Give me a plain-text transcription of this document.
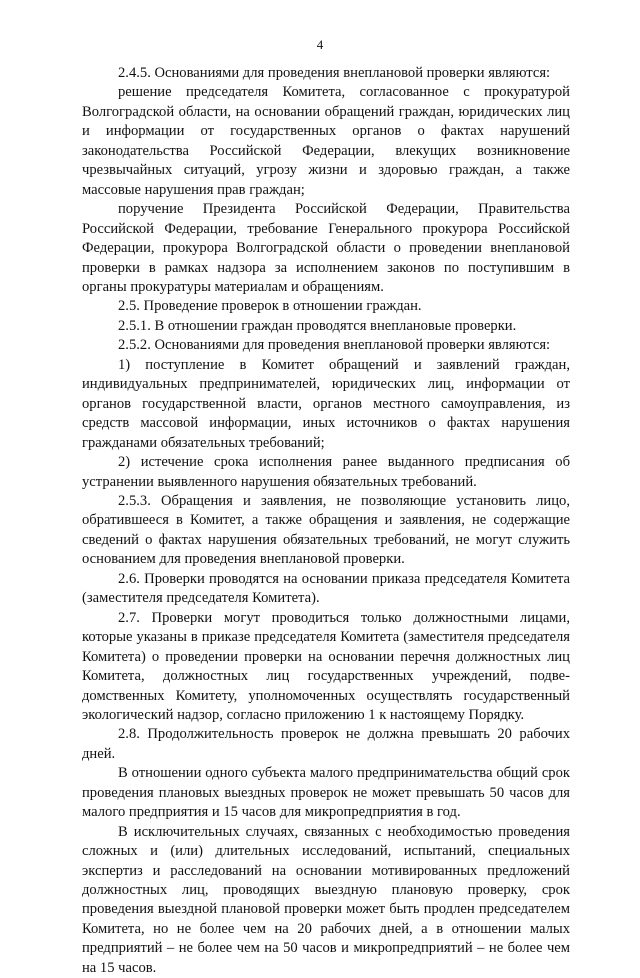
4

2.4.5. Основаниями для проведения внеплановой проверки являются:

решение председателя Комитета, согласованное с прокуратурой Волгоградской области, на основании обращений граждан, юридических лиц и информации от государственных органов о фактах нарушений законодательства Российской Федерации, влекущих возникновение чрезвычайных ситуаций, угрозу жизни и здоровью граждан, а также массовые нарушения прав граждан;

поручение Президента Российской Федерации, Правительства Российской Федерации, требование Генерального прокурора Российской Федерации, прокурора Волгоградской области о проведении внеплановой проверки в рамках надзора за исполнением законов по поступившим в органы прокуратуры материалам и обращениям.

2.5. Проведение проверок в отношении граждан.

2.5.1. В отношении граждан проводятся внеплановые проверки.

2.5.2. Основаниями для проведения внеплановой проверки являются:

1) поступление в Комитет обращений и заявлений граждан, индивидуальных предпринимателей, юридических лиц, информации от органов государственной власти, органов местного самоуправления, из средств массовой информации, иных источников о фактах нарушения гражданами обязательных требований;

2) истечение срока исполнения ранее выданного предписания об устранении выявленного нарушения обязательных требований.

2.5.3. Обращения и заявления, не позволяющие установить лицо, обратившееся в Комитет, а также обращения и заявления, не содержащие сведений о фактах нарушения обязательных требований, не могут служить основанием для проведения внеплановой проверки.

2.6. Проверки проводятся на основании приказа председателя Комитета (заместителя председателя Комитета).

2.7. Проверки могут проводиться только должностными лицами, которые указаны в приказе председателя Комитета (заместителя председателя Комитета) о проведении проверки на основании перечня должностных лиц Комитета, должностных лиц государственных учреждений, подведомственных Комитету, уполномоченных осуществлять государственный экологический надзор, согласно приложению 1 к настоящему Порядку.

2.8. Продолжительность проверок не должна превышать 20 рабочих дней.

В отношении одного субъекта малого предпринимательства общий срок проведения плановых выездных проверок не может превышать 50 часов для малого предприятия и 15 часов для микропредприятия в год.

В исключительных случаях, связанных с необходимостью проведения сложных и (или) длительных исследований, испытаний, специальных экспертиз и расследований на основании мотивированных предложений должностных лиц, проводящих выездную плановую проверку, срок проведения выездной плановой проверки может быть продлен председателем Комитета, но не более чем на 20 рабочих дней, а в отношении малых предприятий – не более чем на 50 часов и микропредприятий – не более чем на 15 часов.
